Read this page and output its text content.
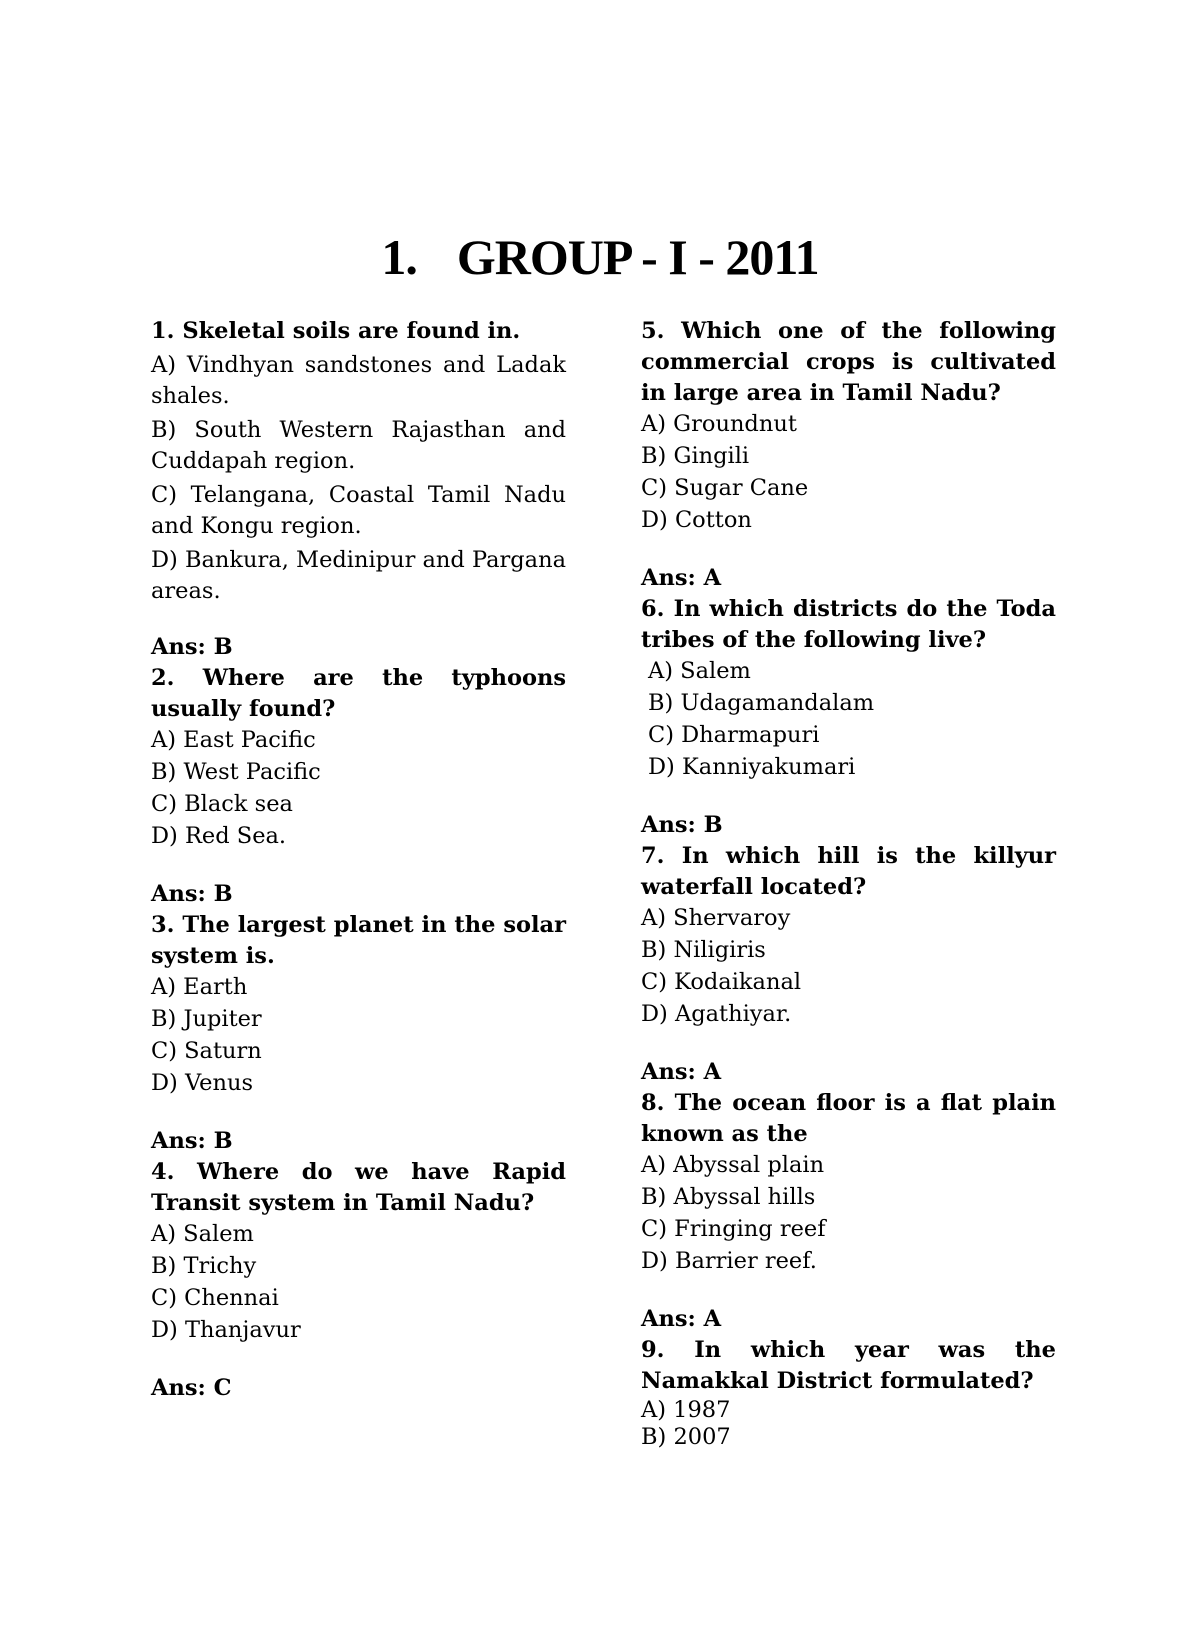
1. GROUP - I - 2011

1. Skeletal soils are found in.

A) Vindhyan sandstones and Ladak shales.

B) South Western Rajasthan and Cuddapah region.

C) Telangana, Coastal Tamil Nadu and Kongu region.

D) Bankura, Medinipur and Pargana areas.

Ans: B

2. Where are the typhoons usually found?

A) East Pacific

B) West Pacific

C) Black sea

D) Red Sea.

Ans: B

3. The largest planet in the solar system is.

A) Earth

B) Jupiter

C) Saturn

D) Venus

Ans: B

4. Where do we have Rapid Transit system in Tamil Nadu?

A) Salem

B) Trichy

C) Chennai

D) Thanjavur

Ans: C

5. Which one of the following commercial crops is cultivated in large area in Tamil Nadu?

A) Groundnut

B) Gingili

C) Sugar Cane

D) Cotton

Ans: A

6. In which districts do the Toda tribes of the following live?

A) Salem

B) Udagamandalam

C) Dharmapuri

D) Kanniyakumari

Ans: B

7. In which hill is the killyur waterfall located?

A) Shervaroy

B) Niligiris

C) Kodaikanal

D) Agathiyar.

Ans: A

8. The ocean floor is a flat plain known as the

A) Abyssal plain

B) Abyssal hills

C) Fringing reef

D) Barrier reef.

Ans: A

9. In which year was the Namakkal District formulated?

A) 1987

B) 2007
